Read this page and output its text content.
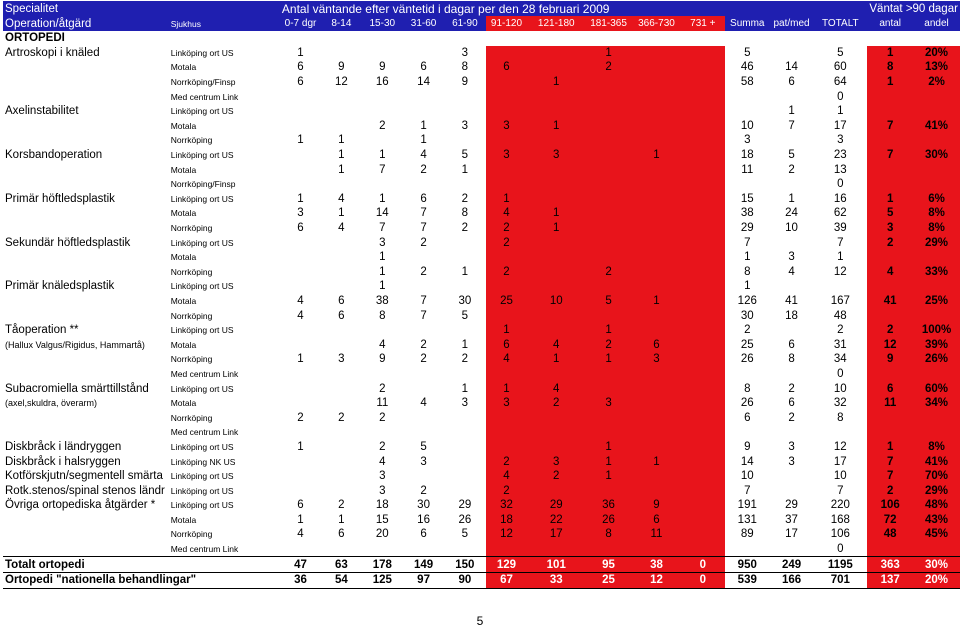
Specialitet		Antal väntande efter väntetid i dagar per den 28 februari 2009													Väntat >90 dagar	
Operation/åtgärd	Sjukhus	0-7 dgr	8-14	15-30	31-60	61-90	91-120	121-180	181-365	366-730	731 +	Summa	pat/med	TOTALT	antal	andel
ORTOPEDI																
Artroskopi i knäled	Linköping ort US	1				3			1			5		5	1	20%
	Motala	6	9	9	6	8	6		2			46	14	60	8	13%
	Norrköping/Finsp	6	12	16	14	9		1				58	6	64	1	2%
	Med centrum Link													0		
Axelinstabilitet	Linköping ort US												1	1		
	Motala			2	1	3	3	1				10	7	17	7	41%
	Norrköping	1	1		1							3		3		
Korsbandoperation	Linköping ort US		1	1	4	5	3	3		1		18	5	23	7	30%
	Motala		1	7	2	1						11	2	13		
	Norrköping/Finsp													0		
Primär höftledsplastik	Linköping ort US	1	4	1	6	2	1					15	1	16	1	6%
	Motala	3	1	14	7	8	4	1				38	24	62	5	8%
	Norrköping	6	4	7	7	2	2	1				29	10	39	3	8%
Sekundär höftledsplastik	Linköping ort US			3	2		2					7		7	2	29%
	Motala			1								1	3	1		
	Norrköping			1	2	1	2		2			8	4	12	4	33%
Primär knäledsplastik	Linköping ort US			1								1				
	Motala	4	6	38	7	30	25	10	5	1		126	41	167	41	25%
	Norrköping	4	6	8	7	5						30	18	48		
Tåoperation **	Linköping ort US						1		1			2		2	2	100%
(Hallux Valgus/Rigidus, Hammartå)	Motala			4	2	1	6	4	2	6		25	6	31	12	39%
	Norrköping	1	3	9	2	2	4	1	1	3		26	8	34	9	26%
	Med centrum Link													0		
Subacromiella smärttillstånd	Linköping ort US			2		1	1	4				8	2	10	6	60%
(axel,skuldra, överarm)	Motala			11	4	3	3	2	3			26	6	32	11	34%
	Norrköping	2	2	2								6	2	8		
	Med centrum Link															
Diskbråck i ländryggen	Linköping ort US	1		2	5				1			9	3	12	1	8%
Diskbråck i halsryggen	Linköping NK US			4	3		2	3	1	1		14	3	17	7	41%
Kotförskjutn/segmentell smärta	Linköping ort US			3			4	2	1			10		10	7	70%
Rotk.stenos/spinal stenos ländr	Linköping ort US			3	2		2					7		7	2	29%
Övriga ortopediska åtgärder *	Linköping ort US	6	2	18	30	29	32	29	36	9		191	29	220	106	48%
	Motala	1	1	15	16	26	18	22	26	6		131	37	168	72	43%
	Norrköping	4	6	20	6	5	12	17	8	11		89	17	106	48	45%
	Med centrum Link													0		
Totalt ortopedi		47	63	178	149	150	129	101	95	38	0	950	249	1195	363	30%
Ortopedi "nationella behandlingar"		36	54	125	97	90	67	33	25	12	0	539	166	701	137	20%
5
